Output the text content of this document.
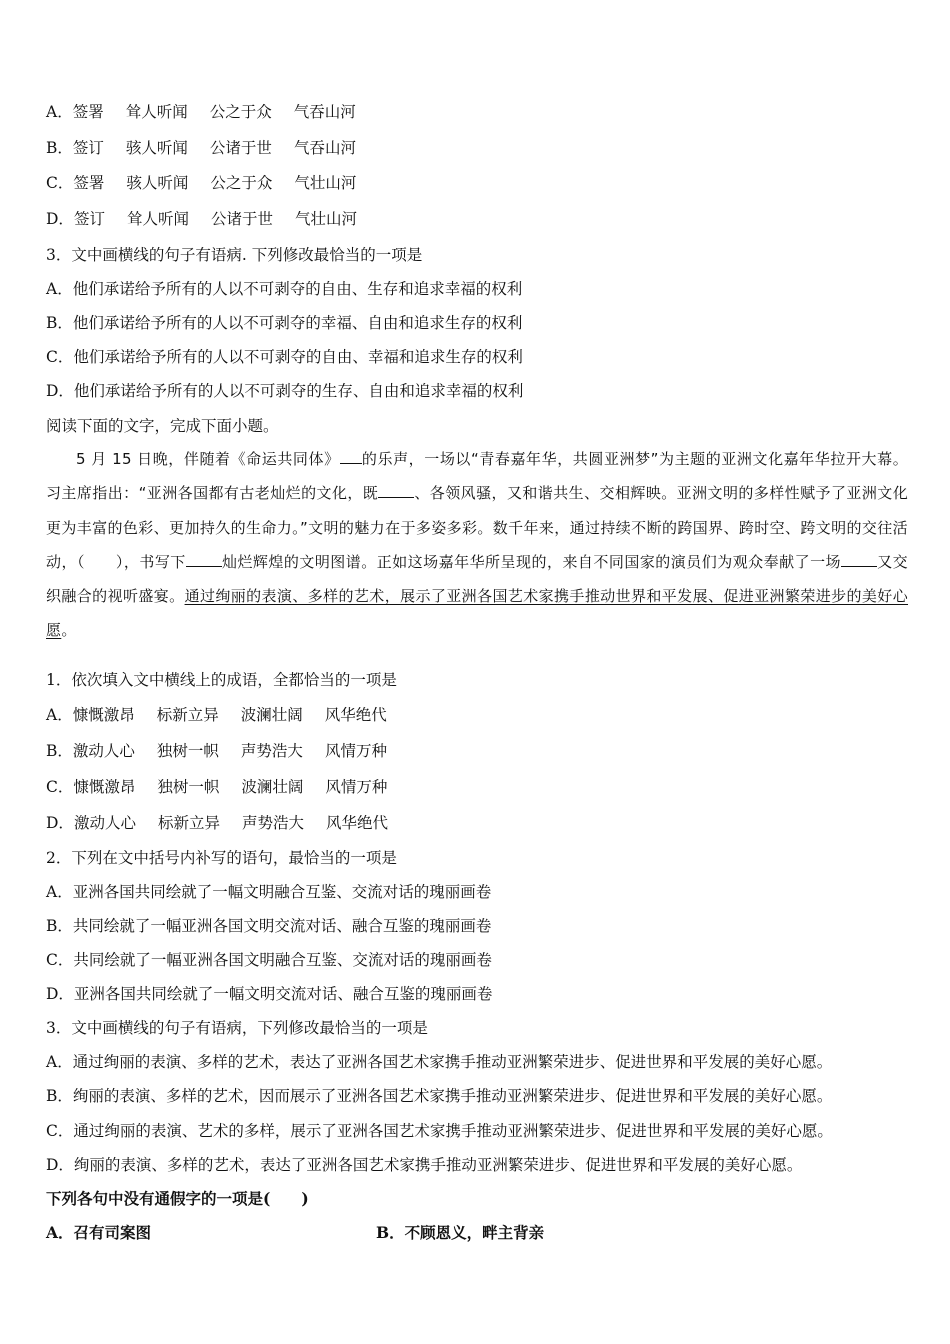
A．签署 耸人听闻 公之于众 气吞山河
B．签订 骇人听闻 公诸于世 气吞山河
C．签署 骇人听闻 公之于众 气壮山河
D．签订 耸人听闻 公诸于世 气壮山河
3．文中画横线的句子有语病. 下列修改最恰当的一项是
A．他们承诺给予所有的人以不可剥夺的自由、生存和追求幸福的权利
B．他们承诺给予所有的人以不可剥夺的幸福、自由和追求生存的权利
C．他们承诺给予所有的人以不可剥夺的自由、幸福和追求生存的权利
D．他们承诺给予所有的人以不可剥夺的生存、自由和追求幸福的权利
阅读下面的文字，完成下面小题。
5 月 15 日晚，伴随着《命运共同体》 的乐声，一场以“青春嘉年华，共圆亚洲梦”为主题的亚洲文化嘉年华拉开大幕。习主席指出：“亚洲各国都有古老灿烂的文化，既 、各领风骚，又和谐共生、交相辉映。亚洲文明的多样性赋予了亚洲文化更为丰富的色彩、更加持久的生命力。”文明的魅力在于多姿多彩。数千年来，通过持续不断的跨国界、跨时空、跨文明的交往活动，（　　），书写下 灿烂辉煌的文明图谱。正如这场嘉年华所呈现的，来自不同国家的演员们为观众奉献了一场 又交织融合的视听盛宴。通过绚丽的表演、多样的艺术，展示了亚洲各国艺术家携手推动世界和平发展、促进亚洲繁荣进步的美好心愿。
1．依次填入文中横线上的成语，全都恰当的一项是
A．慷慨激昂 标新立异 波澜壮阔 风华绝代
B．激动人心 独树一帜 声势浩大 风情万种
C．慷慨激昂 独树一帜 波澜壮阔 风情万种
D．激动人心 标新立异 声势浩大 风华绝代
2．下列在文中括号内补写的语句，最恰当的一项是
A．亚洲各国共同绘就了一幅文明融合互鉴、交流对话的瑰丽画卷
B．共同绘就了一幅亚洲各国文明交流对话、融合互鉴的瑰丽画卷
C．共同绘就了一幅亚洲各国文明融合互鉴、交流对话的瑰丽画卷
D．亚洲各国共同绘就了一幅文明交流对话、融合互鉴的瑰丽画卷
3．文中画横线的句子有语病，下列修改最恰当的一项是
A．通过绚丽的表演、多样的艺术，表达了亚洲各国艺术家携手推动亚洲繁荣进步、促进世界和平发展的美好心愿。
B．绚丽的表演、多样的艺术，因而展示了亚洲各国艺术家携手推动亚洲繁荣进步、促进世界和平发展的美好心愿。
C．通过绚丽的表演、艺术的多样，展示了亚洲各国艺术家携手推动亚洲繁荣进步、促进世界和平发展的美好心愿。
D．绚丽的表演、多样的艺术，表达了亚洲各国艺术家携手推动亚洲繁荣进步、促进世界和平发展的美好心愿。
下列各句中没有通假字的一项是(　　)
A．召有司案图	B．不顾恩义，畔主背亲
